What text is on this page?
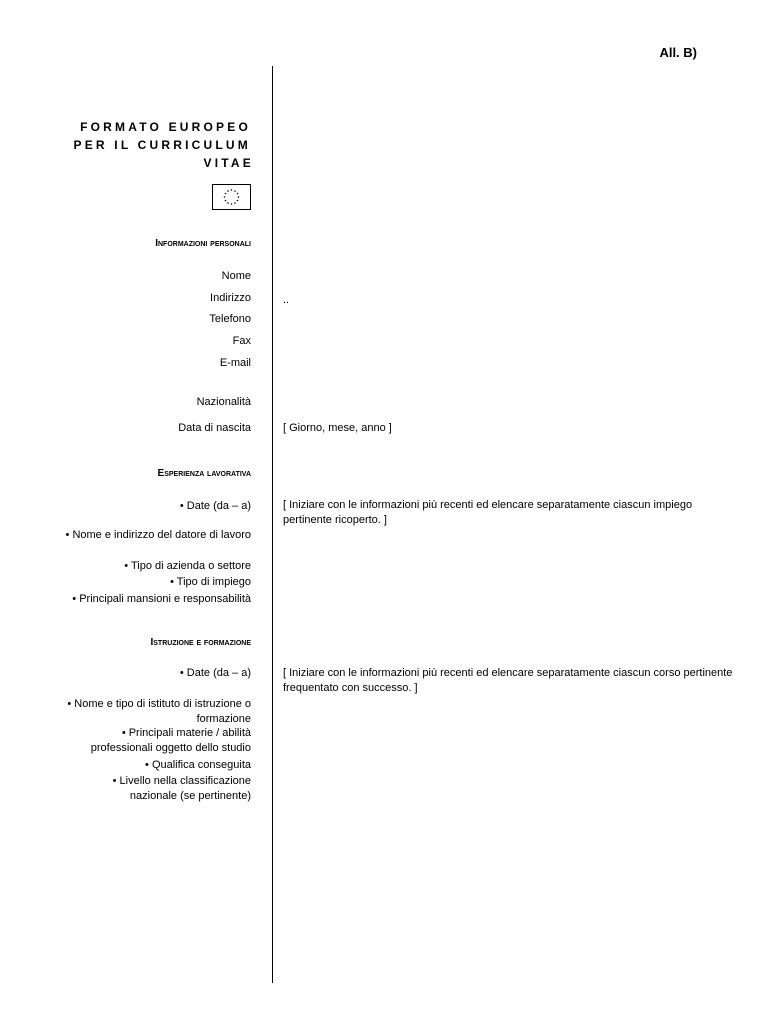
All. B)
FORMATO EUROPEO
PER IL CURRICULUM
VITAE
Informazioni personali
Nome
Indirizzo
Telefono
Fax
E-mail
Nazionalità
Data di nascita
..
[ Giorno, mese, anno ]
Esperienza lavorativa
• Date (da – a)
• Nome e indirizzo del datore di lavoro
• Tipo di azienda o settore
• Tipo di impiego
• Principali mansioni e responsabilità
[ Iniziare con le informazioni più recenti ed elencare separatamente ciascun impiego pertinente ricoperto. ]
Istruzione e formazione
• Date (da – a)
• Nome e tipo di istituto di istruzione o formazione
• Principali materie / abilità professionali oggetto dello studio
• Qualifica conseguita
• Livello nella classificazione nazionale (se pertinente)
[ Iniziare con le informazioni più recenti ed elencare separatamente ciascun corso pertinente frequentato con successo. ]
